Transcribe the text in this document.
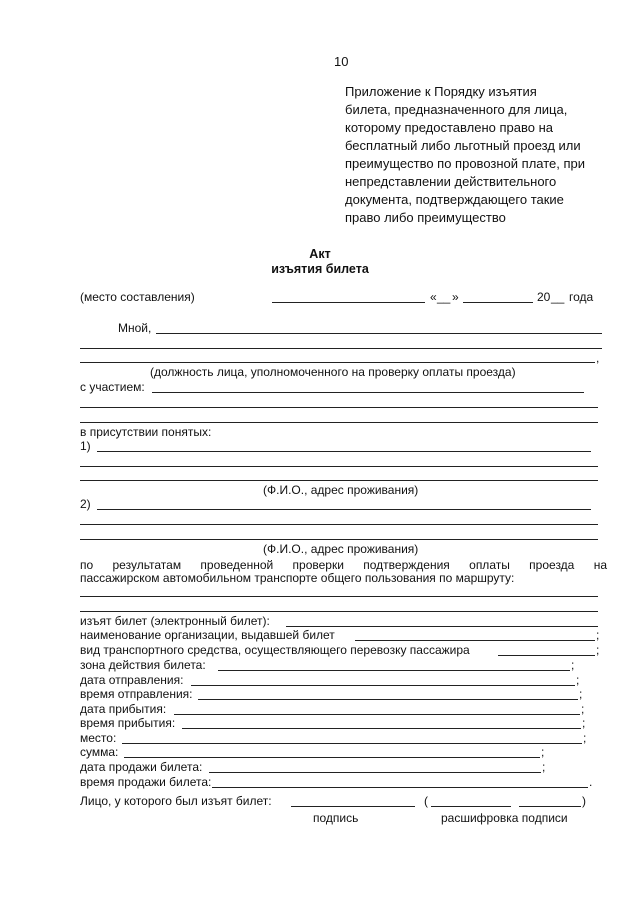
10
Приложение к Порядку изъятия
билета, предназначенного для лица,
которому предоставлено право на
бесплатный либо льготный проезд или
преимущество по провозной плате, при
непредставлении действительного
документа, подтверждающего такие
право либо преимущество
Акт
изъятия билета
(место составления)	« __ »	20 __ года
Мной,
,
(должность лица, уполномоченного на проверку оплаты проезда)
с участием:
в присутствии понятых:
1)
(Ф.И.О., адрес проживания)
2)
(Ф.И.О., адрес проживания)
по результатам проведенной проверки подтверждения оплаты проезда на
пассажирском автомобильном транспорте общего пользования по маршруту:
изъят билет (электронный билет):
наименование организации, выдавшей билет	;
вид транспортного средства, осуществляющего перевозку пассажира	;
зона действия билета:	;
дата отправления:	;
время отправления:	;
дата прибытия:	;
время прибытия:	;
место:	;
сумма:	;
дата продажи билета:	;
время продажи билета:	.
Лицо, у которого был изъят билет:	(	)
подпись	расшифровка подписи
